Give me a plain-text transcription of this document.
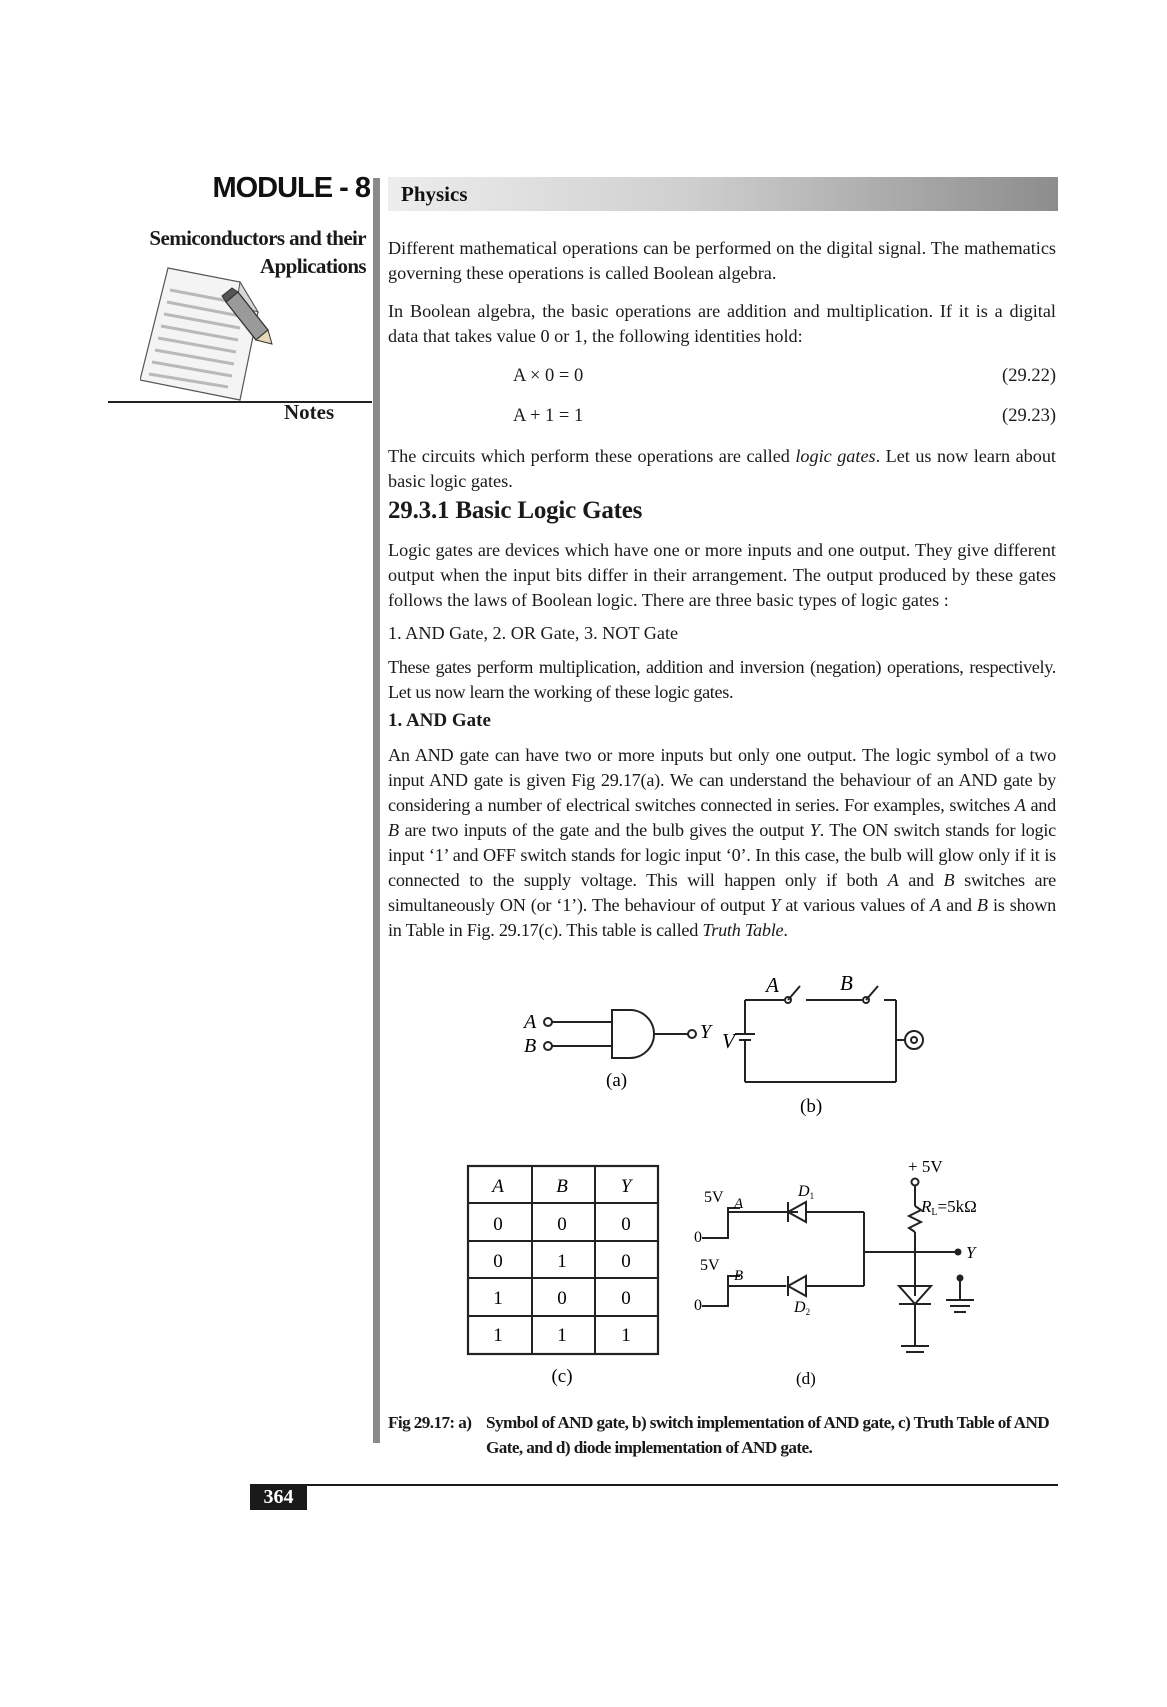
MODULE - 8
Semiconductors and their
Applications
Notes
Physics

Different mathematical operations can be performed on the digital signal. The mathematics governing these operations is called Boolean algebra.

In Boolean algebra, the basic operations are addition and multiplication. If it is a digital data that takes value 0 or 1, the following identities hold:

A × 0 = 0	(29.22)
A + 1 = 1	(29.23)

The circuits which perform these operations are called logic gates. Let us now learn about basic logic gates.

29.3.1 Basic Logic Gates

Logic gates are devices which have one or more inputs and one output. They give different output when the input bits differ in their arrangement. The output produced by these gates follows the laws of Boolean logic. There are three basic types of logic gates :

1. AND Gate, 2. OR Gate, 3. NOT Gate

These gates perform multiplication, addition and inversion (negation) operations, respectively. Let us now learn the working of these logic gates.

1. AND Gate

An AND gate can have two or more inputs but only one output. The logic symbol of a two input AND gate is given Fig 29.17(a). We can understand the behaviour of an AND gate by considering a number of electrical switches connected in series. For examples, switches A and B are two inputs of the gate and the bulb gives the output Y. The ON switch stands for logic input ‘1’ and OFF switch stands for logic input ‘0’. In this case, the bulb will glow only if it is connected to the supply voltage. This will happen only if both A and B switches are simultaneously ON (or ‘1’). The behaviour of output Y at various values of A and B is shown in Table in Fig. 29.17(c). This table is called Truth Table.

A
B
Y
(a)
A	B
V
(b)
A	B	Y
0	0	0
0	1	0
1	0	0
1	1	1
(c)
+ 5V
RL=5kΩ
Y
5V A
0
5V
B
0
D1
D2
(d)
Fig 29.17: a) Symbol of AND gate, b) switch implementation of AND gate, c) Truth Table of AND Gate, and d) diode implementation of AND gate.
364
